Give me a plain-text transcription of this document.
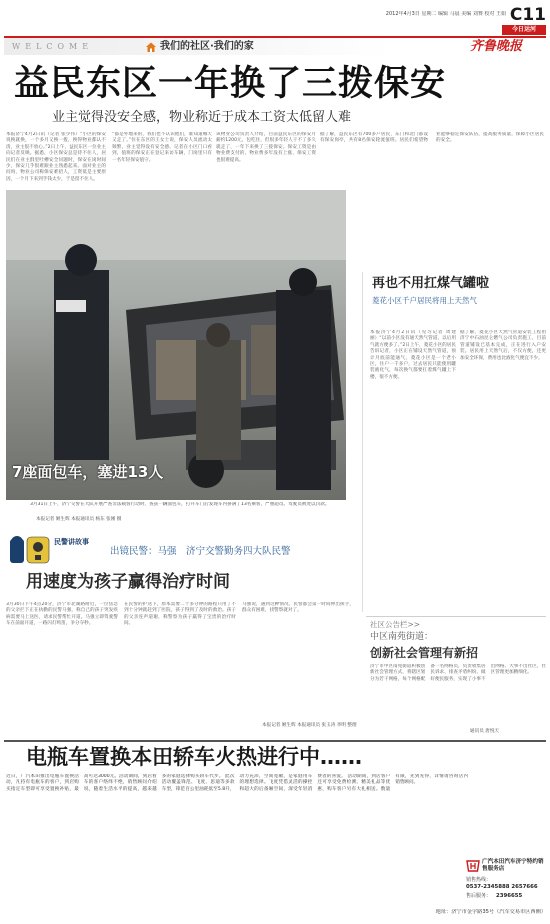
2012年4月3日 星期二 编辑 马晨 美编 刘赛 校对 王娟 C11
今日运河
WELCOME	我们的社区·我们的家	齐鲁晚报
益民东区一年换了三拨保安
业主觉得没安全感，物业称近于成本工资太低留人难
本报济宁4月2日讯（记者 张少伟）“小区的保安说换就换，一个多月又换一拨，换得物业都认不清，业主很不放心。”2日上午，益民东区一位业主向记者反映。据悉，小区保安总是待不住人，居民们在业主群里吐槽安全问题时，保安在岗时间少，保安几乎很难跟业主熟悉起来。面对业主的问询，物业公司称保安难招人，工资低是主要原因，一个月下来到手钱太少，于是留不住人。
“都是外地来的，我们也不认识他们，谁知道哪天又走了。”住在东区的王女士说，保安人员流动太频繁，业主觉得没有安全感。记者在小区门口看到，值班的保安正在登记来访车辆，门岗里只有一名年轻保安值守。
该物业公司负责人介绍，目前益民东区的保安月薪约1200元，包吃住，但很多年轻人干不了多久就走了，一年下来换了三拨保安。保安工资是由物业费支付的，物业费多年没有上涨，保安工资也很难提高。
据了解，益民东区有700多户居民，东门和北门都设有保安岗亭，共有8名保安轮流值班。居民们希望物业能够稳定保安队伍，提高服务质量，保障小区居民的安全。
7座面包车，塞进13人
3月31日上午，济宁交警在大队开展严查非法载客行动时，查获一辆面包车，打开车门后发现车内挤满了13名乘客，严重超员。驾驶员被处以罚款。
本报记者 姬生辉 本报通讯员 杨东 张刚 摄
再也不用扛煤气罐啦
菱花小区千户居民将用上天然气
本报济宁4月2日讯（见习记者 周建丽）“以前小区没有通天然气管道，以后用气就方便多了。”2日上午，菱花小区的居民告诉记者，小区正在铺设天然气管道，预计月底前能通气。菱花小区是一个老小区，住户一千多户，过去居民只能使用罐装液化气，每次换气都要扛着煤气罐上下楼，很不方便。
据了解，菱花小区天然气管道安装工程由济宁中石油昆仑燃气公司负责施工，目前管道铺设已基本完成，正在进行入户安装。居民用上天然气后，不仅方便，还更加安全环保，费用也比液化气便宜不少。
社区公告栏>>
中区南苑街道：
创新社会管理有新招
济宁市中区南苑街道积极创新社会管理方式，将辖区划分为若干网格，每个网格配备一名网格员，负责收集居民诉求、排查矛盾纠纷、做好便民服务，实现了小事不出网格、大事不出社区，社区管理更加精细化。
通讯员 唐悦天
民警讲故事
出镜民警：马强　济宁交警勤务四大队民警
用速度为孩子赢得治疗时间
3月30日下午4点20分，济宁市北湖路附近，一位焦急的父亲拦下正在执勤的民警马强，称自己的孩子突发疾病需要马上送医，请求民警帮忙开道。马强立即驾驶警车在前面开道，一路闪灯鸣笛，争分夺秒。
在民警的护送下，原本需要二十多分钟的路程只用了不到十分钟就赶到了医院，孩子得到了及时的救治。孩子的父亲连声道谢，称警察为孩子赢得了宝贵的治疗时间。
马强说，遇到这种情况，民警都会第一时间伸出援手，群众有困难，找警察就对了。
本报记者 姬生辉 本报通讯员 张玉涛 李明 整理
电瓶车置换本田轿车火热进行中……
近日，广汽本田推出电瓶车置换活动，凡持有电瓶车的客户，到店购买指定车型即可享受置换补贴，最高可达3000元。活动期间，到店看车的客户络绎不绝，销售顾问介绍说，随着生活水平的提高，越来越多的家庭选择购买轿车代步。 此次活动覆盖锋范、飞度、思迪等多款车型，锋范百公里油耗低至5.8升，动力充沛，空间宽敞，是家庭用车的理想选择。飞度凭借灵活的操控和超大的后备厢空间，深受年轻消费者的喜爱。 活动期间，到店客户还可享受免费检测、精美礼品等优惠，购车客户另有大礼相送。数量有限，先到先得，详情请咨询店内销售顾问。
广汽本田汽车济宁特约销售服务店
销售热线：
0537-2345888 2657666
售后服务： 2396655
地址：济宁市金宇路35号（汽车交易市区西侧）
